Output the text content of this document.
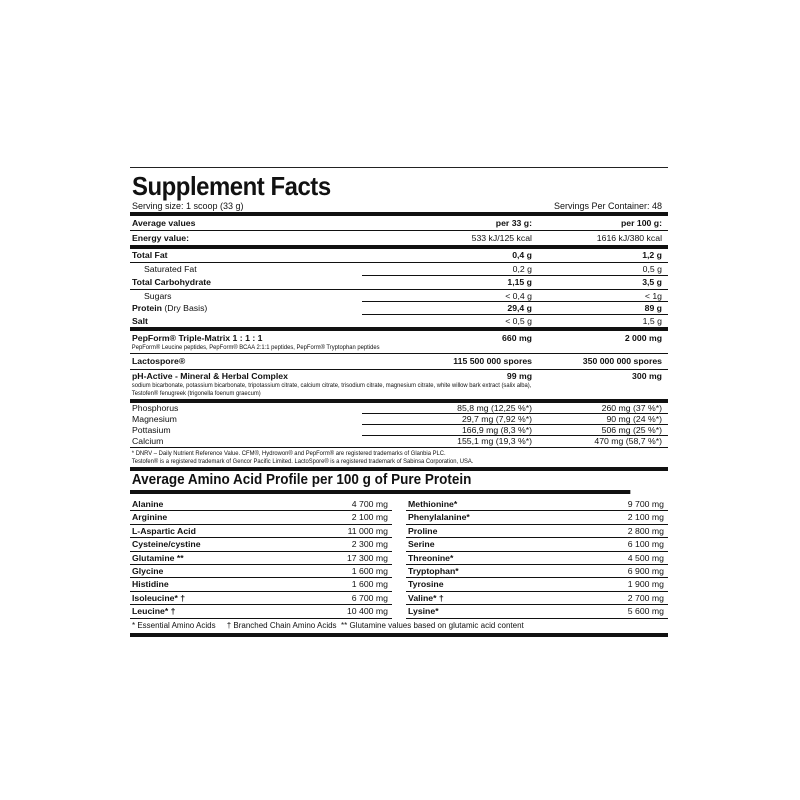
Supplement Facts
Serving size: 1 scoop (33 g)	Servings Per Container: 48
Average values	per 33 g:	per 100 g:
Energy value:	533 kJ/125 kcal	1616 kJ/380 kcal
Total Fat	0,4 g	1,2 g
Saturated Fat	0,2 g	0,5 g
Total Carbohydrate	1,15 g	3,5 g
Sugars	< 0,4 g	< 1g
Protein (Dry Basis)	29,4 g	89 g
Salt	< 0,5 g	1,5 g
PepForm® Triple-Matrix 1 : 1 : 1	660 mg	2 000 mg
PepForm® Leucine peptides, PepForm® BCAA 2:1:1 peptides, PepForm® Tryptophan peptides
Lactospore®	115 500 000 spores	350 000 000 spores
pH-Active - Mineral & Herbal Complex	99 mg	300 mg
sodium bicarbonate, potassium bicarbonate, tripotassium citrate, calcium citrate, trisodium citrate, magnesium citrate, white willow bark extract (salix alba),
Testofen® fenugreek (trigonella foenum graecum)
Phosphorus	85,8 mg (12,25 %*)	260 mg (37 %*)
Magnesium	29,7 mg (7,92 %*)	90 mg (24 %*)
Pottasium	166,9 mg (8,3 %*)	506 mg (25 %*)
Calcium	155,1 mg (19,3 %*)	470 mg (58,7 %*)
* DNRV – Daily Nutrient Reference Value. CFM®, Hydrowon® and PepForm® are registered trademarks of Glanbia PLC.
Testofen® is a registered trademark of Gencor Pacific Limited. LactoSpore® is a registered trademark of Sabinsa Corporation, USA.
Average Amino Acid Profile per 100 g of Pure Protein
Alanine	4 700 mg
Arginine	2 100 mg
L-Aspartic Acid	11 000 mg
Cysteine/cystine	2 300 mg
Glutamine **	17 300 mg
Glycine	1 600 mg
Histidine	1 600 mg
Isoleucine* †	6 700 mg
Leucine* †	10 400 mg
Methionine*	9 700 mg
Phenylalanine*	2 100 mg
Proline	2 800 mg
Serine	6 100 mg
Threonine*	4 500 mg
Tryptophan*	6 900 mg
Tyrosine	1 900 mg
Valine* †	2 700 mg
Lysine*	5 600 mg
* Essential Amino Acids     † Branched Chain Amino Acids  ** Glutamine values based on glutamic acid content
